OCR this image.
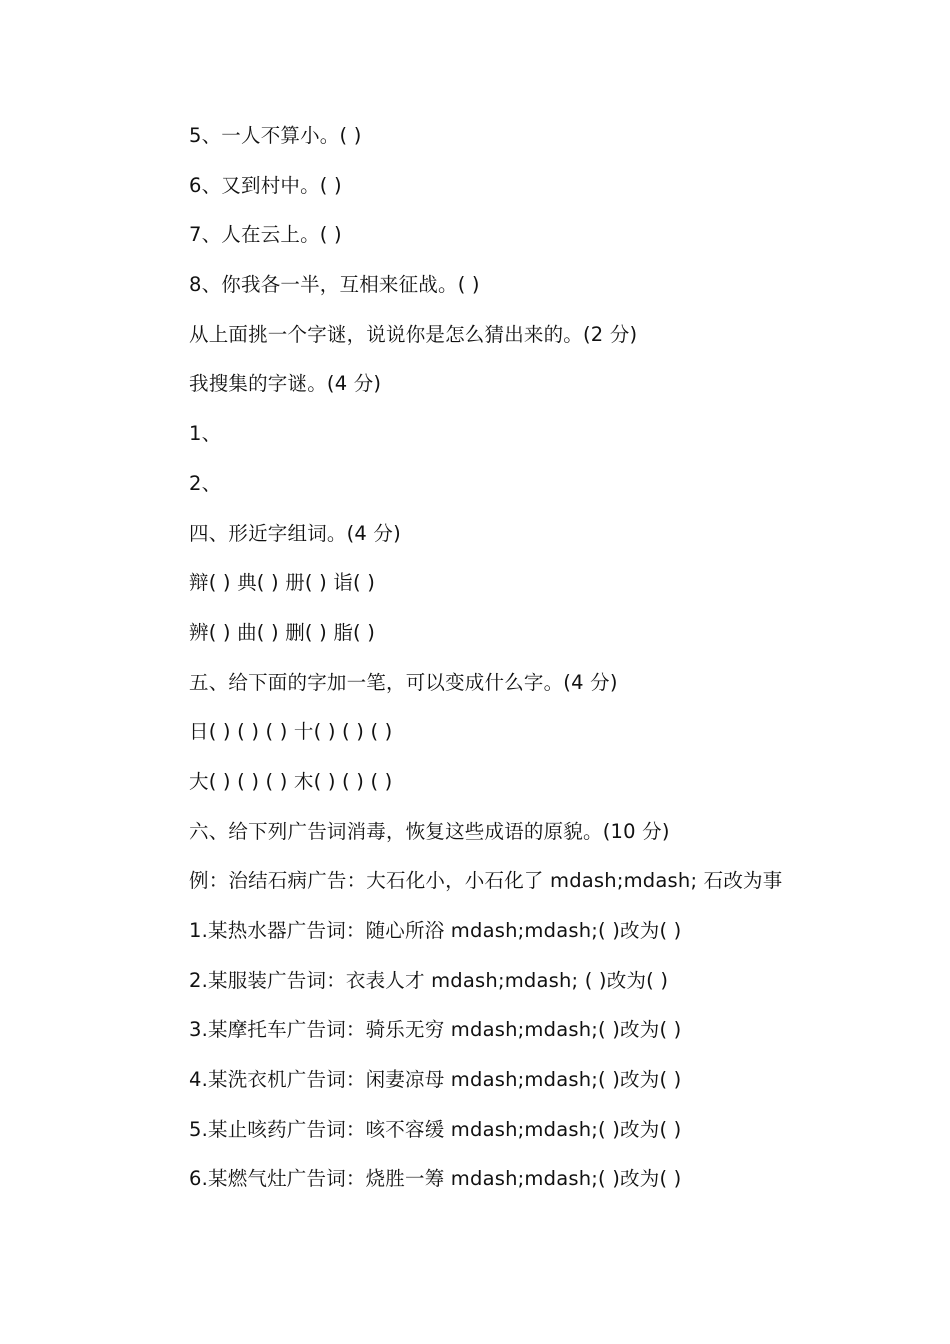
5、一人不算小。( )
6、又到村中。( )
7、人在云上。( )
8、你我各一半，互相来征战。( )
从上面挑一个字谜，说说你是怎么猜出来的。(2 分)
我搜集的字谜。(4 分)
1、
2、
四、形近字组词。(4 分)
辩( ) 典( ) 册( ) 诣( )
辨( ) 曲( ) 删( ) 脂( )
五、给下面的字加一笔，可以变成什么字。(4 分)
日( ) ( ) ( ) 十( ) ( ) ( )
大( ) ( ) ( ) 木( ) ( ) ( )
六、给下列广告词消毒，恢复这些成语的原貌。(10 分)
例：治结石病广告：大石化小，小石化了 mdash;mdash; 石改为事
1.某热水器广告词：随心所浴 mdash;mdash;( )改为( )
2.某服装广告词：衣表人才 mdash;mdash; ( )改为( )
3.某摩托车广告词：骑乐无穷 mdash;mdash;( )改为( )
4.某洗衣机广告词：闲妻凉母 mdash;mdash;( )改为( )
5.某止咳药广告词：咳不容缓 mdash;mdash;( )改为( )
6.某燃气灶广告词：烧胜一筹 mdash;mdash;( )改为( )
